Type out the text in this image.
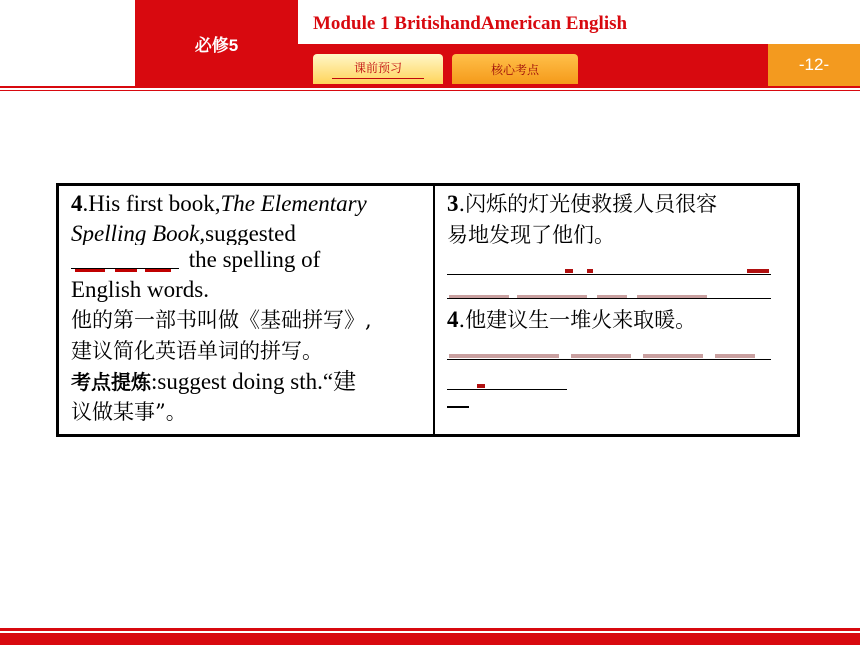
必修5
Module 1 BritishandAmerican English
-12-
课前预习	核心考点
4.His first book,The Elementary
Spelling Book,suggested
the spelling of
English words.
他的第一部书叫做《基础拼写》,
建议简化英语单词的拼写。
考点提炼:suggest doing sth.“建
议做某事”。
3.闪烁的灯光使救援人员很容
易地发现了他们。
4.他建议生一堆火来取暖。
